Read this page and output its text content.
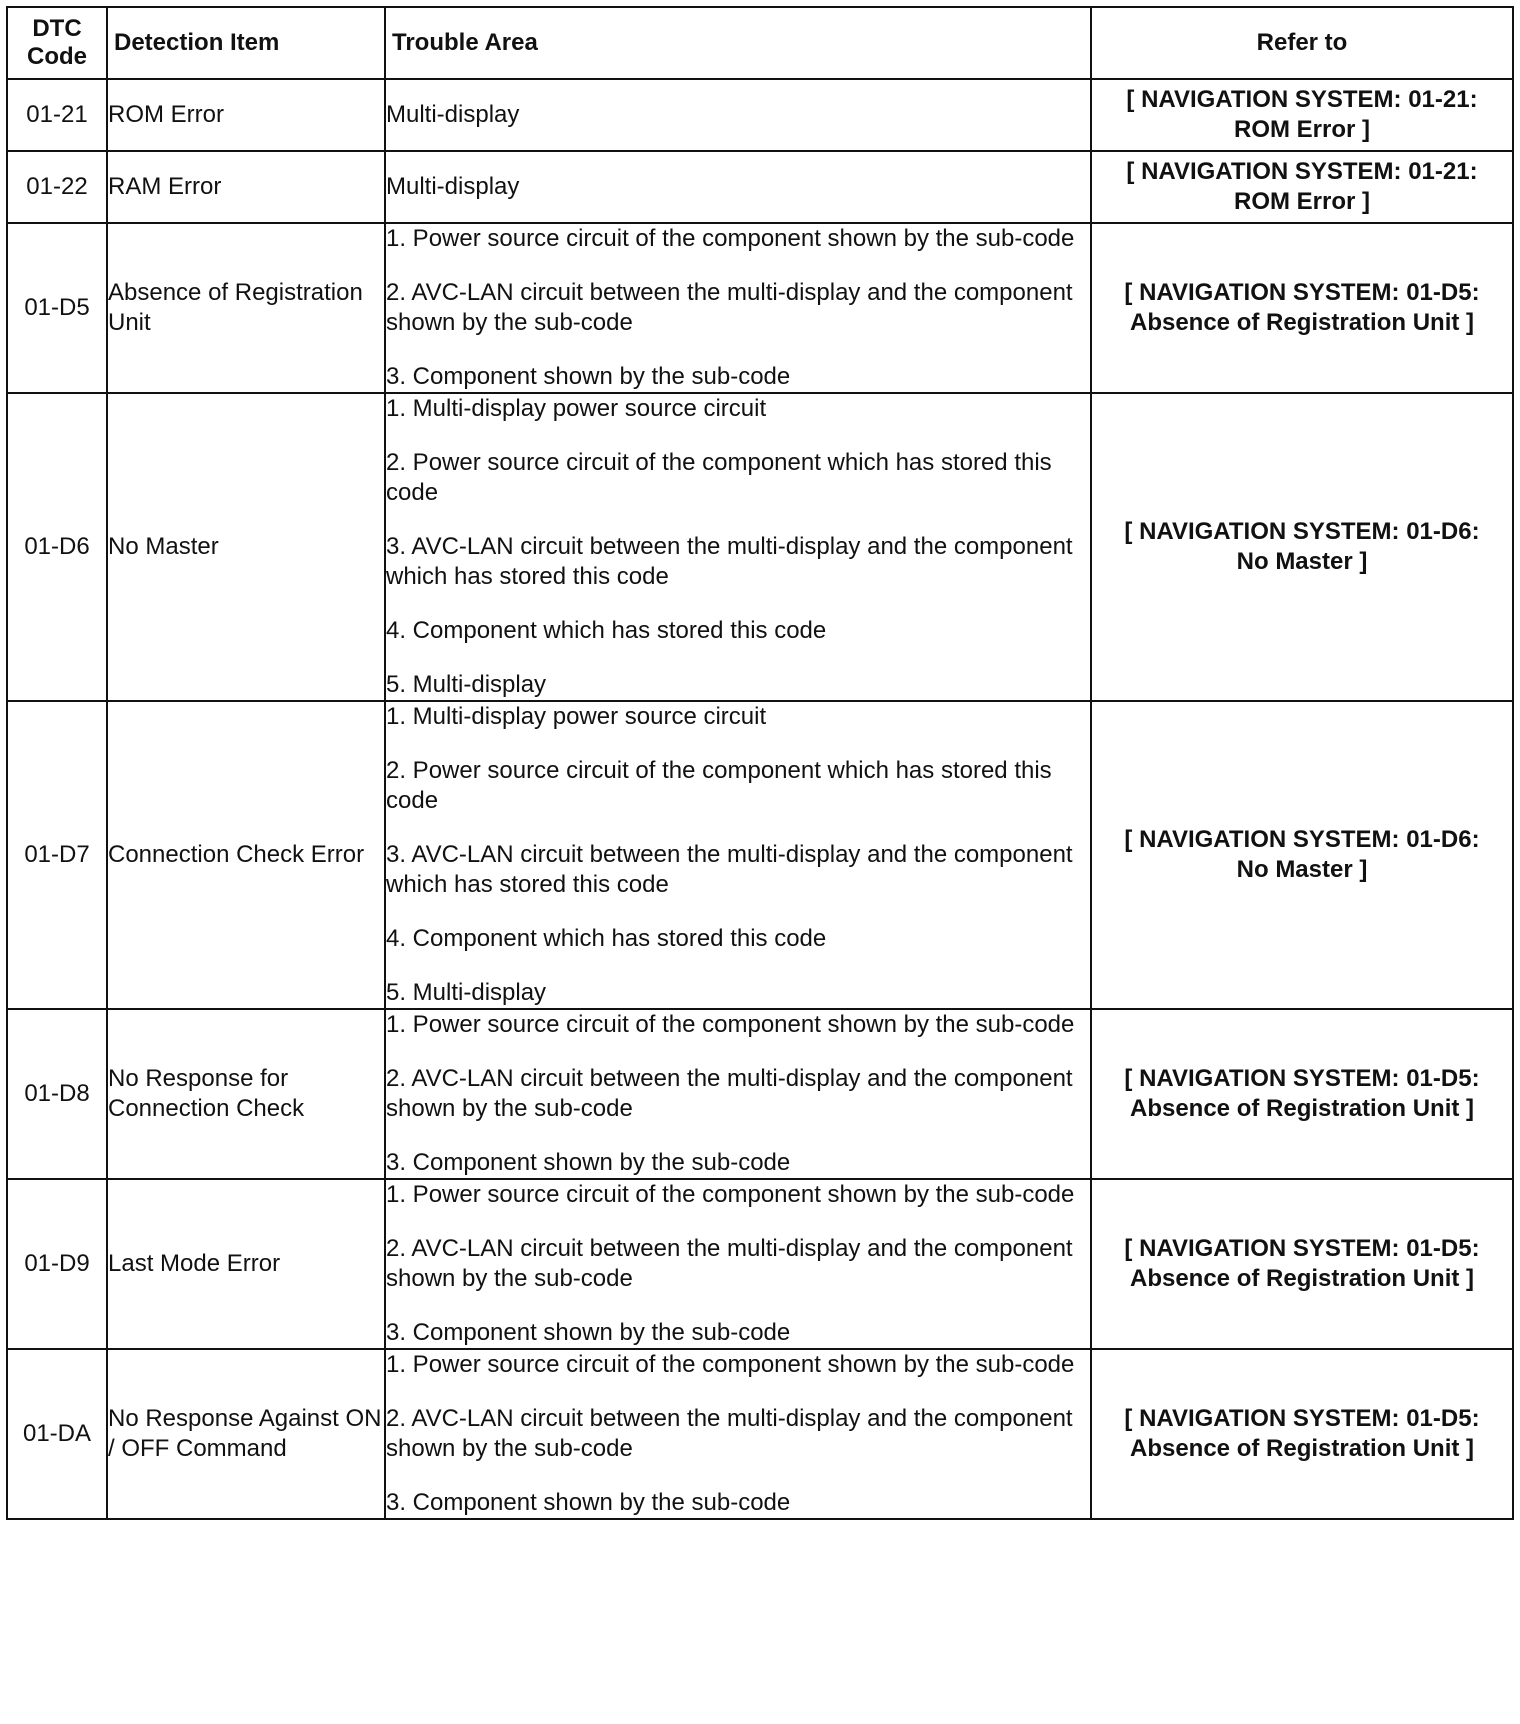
DTC
Code	Detection Item	Trouble Area	Refer to
01-21	ROM Error	Multi-display	[ NAVIGATION SYSTEM: 01-21:
ROM Error ]

01-22	RAM Error	Multi-display	[ NAVIGATION SYSTEM: 01-21:
ROM Error ]

01-D5	Absence of Registration Unit	1. Power source circuit of the component shown by the sub-code
2. AVC-LAN circuit between the multi-display and the component shown by the sub-code
3. Component shown by the sub-code	[ NAVIGATION SYSTEM: 01-D5:
Absence of Registration Unit ]

01-D6	No Master	1. Multi-display power source circuit
2. Power source circuit of the component which has stored this code
3. AVC-LAN circuit between the multi-display and the component which has stored this code
4. Component which has stored this code
5. Multi-display	[ NAVIGATION SYSTEM: 01-D6:
No Master ]

01-D7	Connection Check Error	1. Multi-display power source circuit
2. Power source circuit of the component which has stored this code
3. AVC-LAN circuit between the multi-display and the component which has stored this code
4. Component which has stored this code
5. Multi-display	[ NAVIGATION SYSTEM: 01-D6:
No Master ]

01-D8	No Response for Connection Check	1. Power source circuit of the component shown by the sub-code
2. AVC-LAN circuit between the multi-display and the component shown by the sub-code
3. Component shown by the sub-code	[ NAVIGATION SYSTEM: 01-D5:
Absence of Registration Unit ]

01-D9	Last Mode Error	1. Power source circuit of the component shown by the sub-code
2. AVC-LAN circuit between the multi-display and the component shown by the sub-code
3. Component shown by the sub-code	[ NAVIGATION SYSTEM: 01-D5:
Absence of Registration Unit ]

01-DA	No Response Against ON / OFF Command	1. Power source circuit of the component shown by the sub-code
2. AVC-LAN circuit between the multi-display and the component shown by the sub-code
3. Component shown by the sub-code	[ NAVIGATION SYSTEM: 01-D5:
Absence of Registration Unit ]
